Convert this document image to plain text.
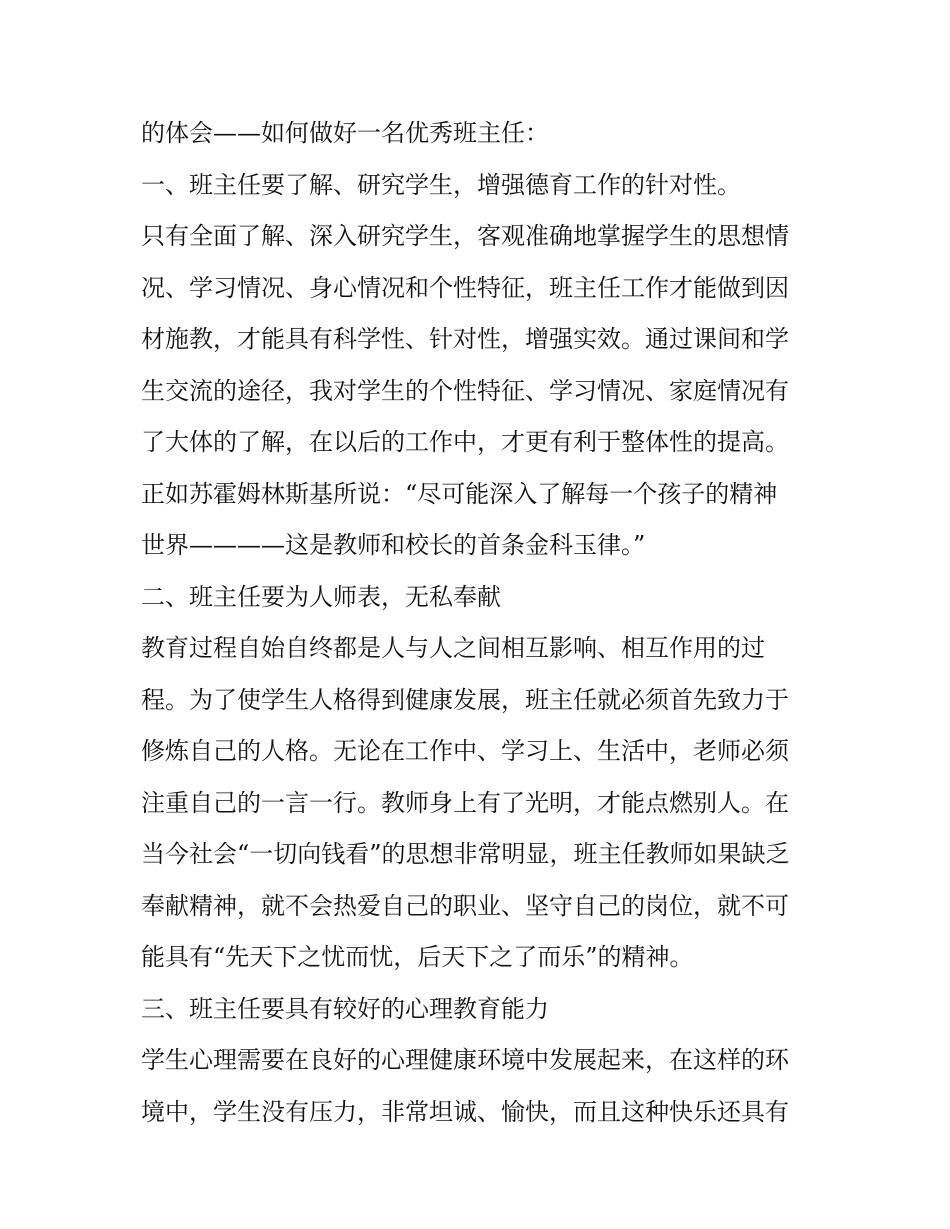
的体会——如何做好一名优秀班主任：
一、班主任要了解、研究学生，增强德育工作的针对性。
只有全面了解、深入研究学生，客观准确地掌握学生的思想情
况、学习情况、身心情况和个性特征，班主任工作才能做到因
材施教，才能具有科学性、针对性，增强实效。通过课间和学
生交流的途径，我对学生的个性特征、学习情况、家庭情况有
了大体的了解，在以后的工作中，才更有利于整体性的提高。
正如苏霍姆林斯基所说：“尽可能深入了解每一个孩子的精神
世界————这是教师和校长的首条金科玉律。”
二、班主任要为人师表，无私奉献
教育过程自始自终都是人与人之间相互影响、相互作用的过
程。为了使学生人格得到健康发展，班主任就必须首先致力于
修炼自己的人格。无论在工作中、学习上、生活中，老师必须
注重自己的一言一行。教师身上有了光明，才能点燃别人。在
当今社会“一切向钱看”的思想非常明显，班主任教师如果缺乏
奉献精神，就不会热爱自己的职业、坚守自己的岗位，就不可
能具有“先天下之忧而忧，后天下之了而乐”的精神。
三、班主任要具有较好的心理教育能力
学生心理需要在良好的心理健康环境中发展起来，在这样的环
境中，学生没有压力，非常坦诚、愉快，而且这种快乐还具有
